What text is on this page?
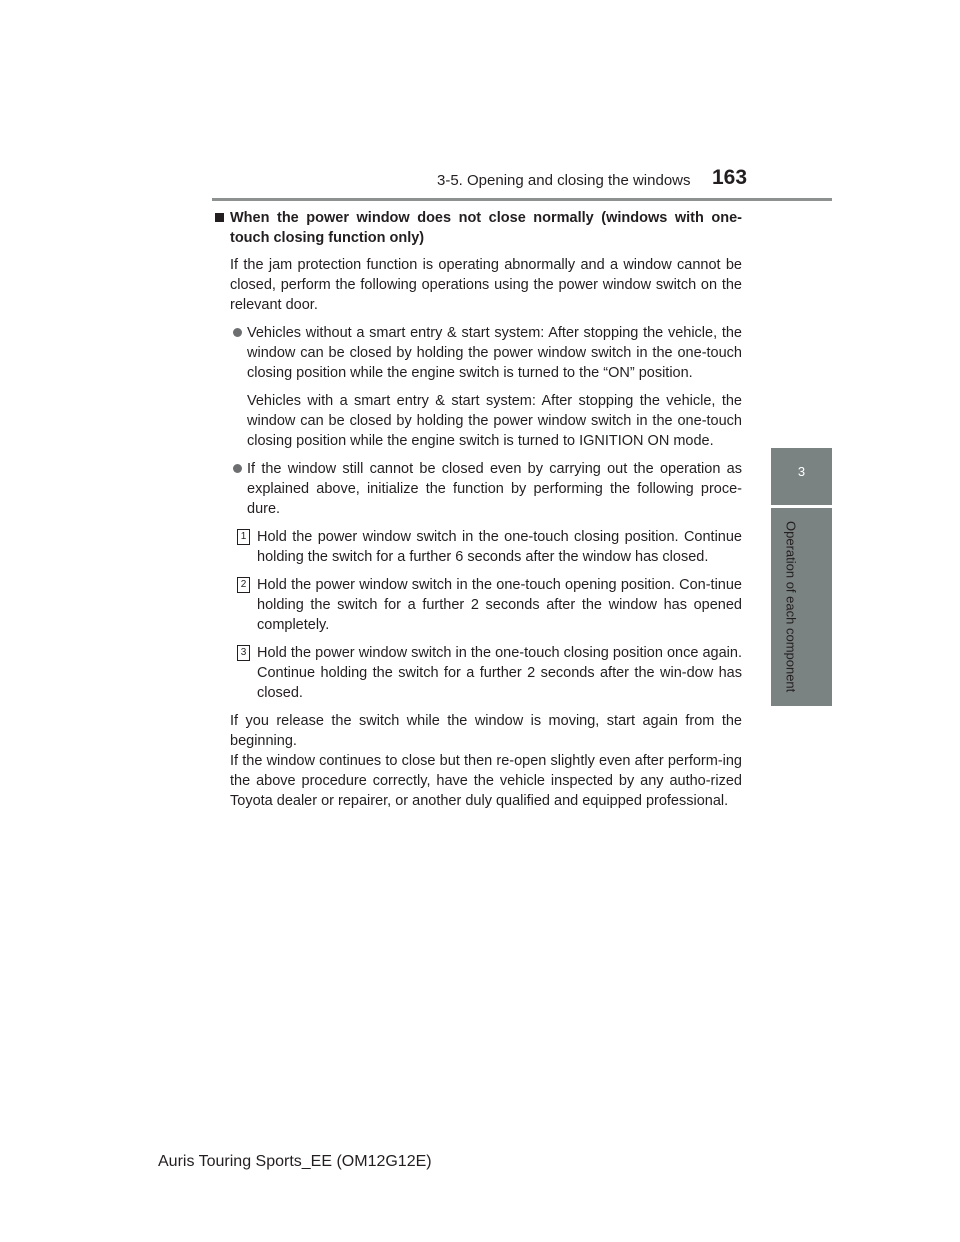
3-5. Opening and closing the windows 163
3
Operation of each component
When the power window does not close normally (windows with one-touch closing function only)
If the jam protection function is operating abnormally and a window cannot be closed, perform the following operations using the power window switch on the relevant door.
Vehicles without a smart entry & start system: After stopping the vehicle, the window can be closed by holding the power window switch in the one-touch closing position while the engine switch is turned to the “ON” position.
Vehicles with a smart entry & start system: After stopping the vehicle, the window can be closed by holding the power window switch in the one-touch closing position while the engine switch is turned to IGNITION ON mode.
If the window still cannot be closed even by carrying out the operation as explained above, initialize the function by performing the following proce-dure.
1 Hold the power window switch in the one-touch closing position. Continue holding the switch for a further 6 seconds after the window has closed.
2 Hold the power window switch in the one-touch opening position. Con-tinue holding the switch for a further 2 seconds after the window has opened completely.
3 Hold the power window switch in the one-touch closing position once again. Continue holding the switch for a further 2 seconds after the win-dow has closed.
If you release the switch while the window is moving, start again from the beginning.
If the window continues to close but then re-open slightly even after perform-ing the above procedure correctly, have the vehicle inspected by any autho-rized Toyota dealer or repairer, or another duly qualified and equipped professional.
Auris Touring Sports_EE (OM12G12E)
